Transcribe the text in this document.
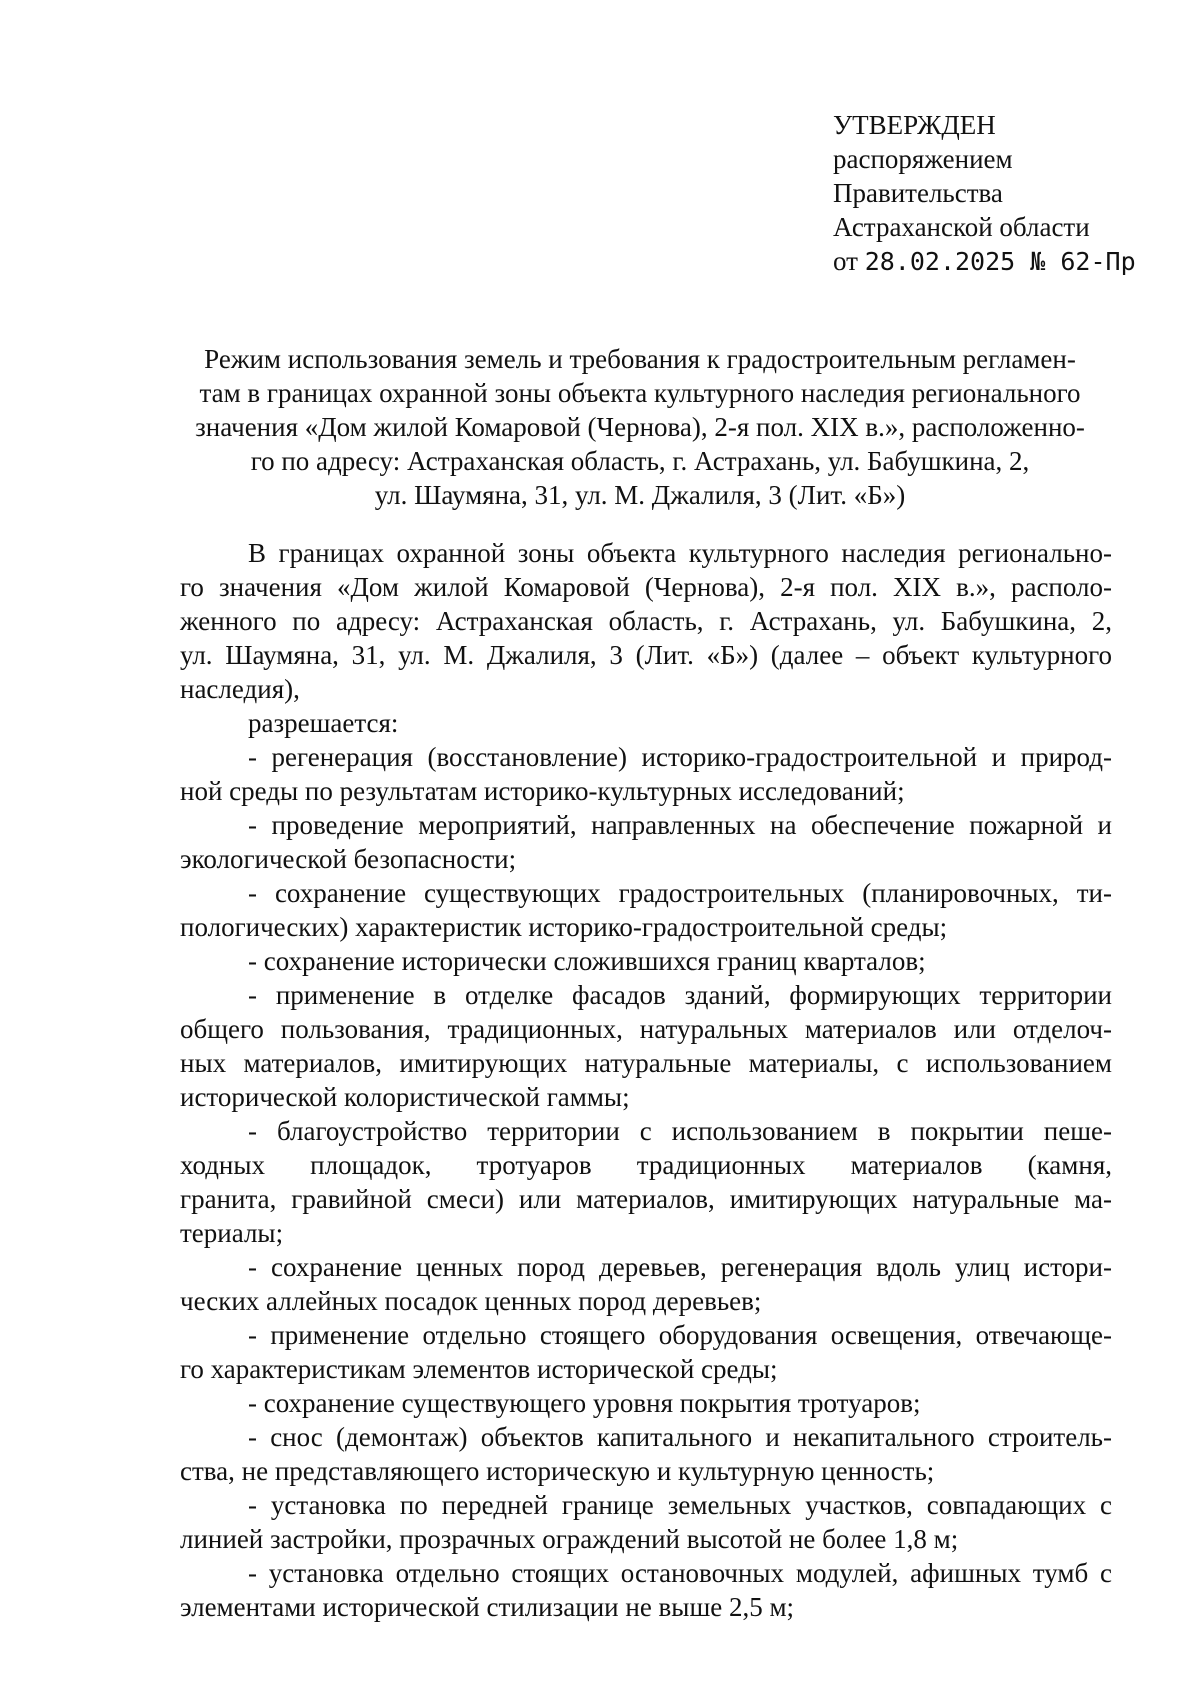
УТВЕРЖДЕН
распоряжением
Правительства
Астраханской области
от 28.02.2025 № 62-Пр
Режим использования земель и требования к градостроительным регламен-
там в границах охранной зоны объекта культурного наследия регионального
значения «Дом жилой Комаровой (Чернова), 2-я пол. XIX в.», расположенно-
го по адресу: Астраханская область, г. Астрахань, ул. Бабушкина, 2,
ул. Шаумяна, 31, ул. М. Джалиля, 3 (Лит. «Б»)
В границах охранной зоны объекта культурного наследия регионально-
го значения «Дом жилой Комаровой (Чернова), 2-я пол. XIX в.», располо-
женного по адресу: Астраханская область, г. Астрахань, ул. Бабушкина, 2,
ул. Шаумяна, 31, ул. М. Джалиля, 3 (Лит. «Б») (далее – объект культурного
наследия),
разрешается:
- регенерация (восстановление) историко-градостроительной и природ-
ной среды по результатам историко-культурных исследований;
- проведение мероприятий, направленных на обеспечение пожарной и
экологической безопасности;
- сохранение существующих градостроительных (планировочных, ти-
пологических) характеристик историко-градостроительной среды;
- сохранение исторически сложившихся границ кварталов;
- применение в отделке фасадов зданий, формирующих территории
общего пользования, традиционных, натуральных материалов или отделоч-
ных материалов, имитирующих натуральные материалы, с использованием
исторической колористической гаммы;
- благоустройство территории с использованием в покрытии пеше-
ходных площадок, тротуаров традиционных материалов (камня,
гранита, гравийной смеси) или материалов, имитирующих натуральные ма-
териалы;
- сохранение ценных пород деревьев, регенерация вдоль улиц истори-
ческих аллейных посадок ценных пород деревьев;
- применение отдельно стоящего оборудования освещения, отвечающе-
го характеристикам элементов исторической среды;
- сохранение существующего уровня покрытия тротуаров;
- снос (демонтаж) объектов капитального и некапитального строитель-
ства, не представляющего историческую и культурную ценность;
- установка по передней границе земельных участков, совпадающих с
линией застройки, прозрачных ограждений высотой не более 1,8 м;
- установка отдельно стоящих остановочных модулей, афишных тумб с
элементами исторической стилизации не выше 2,5 м;
